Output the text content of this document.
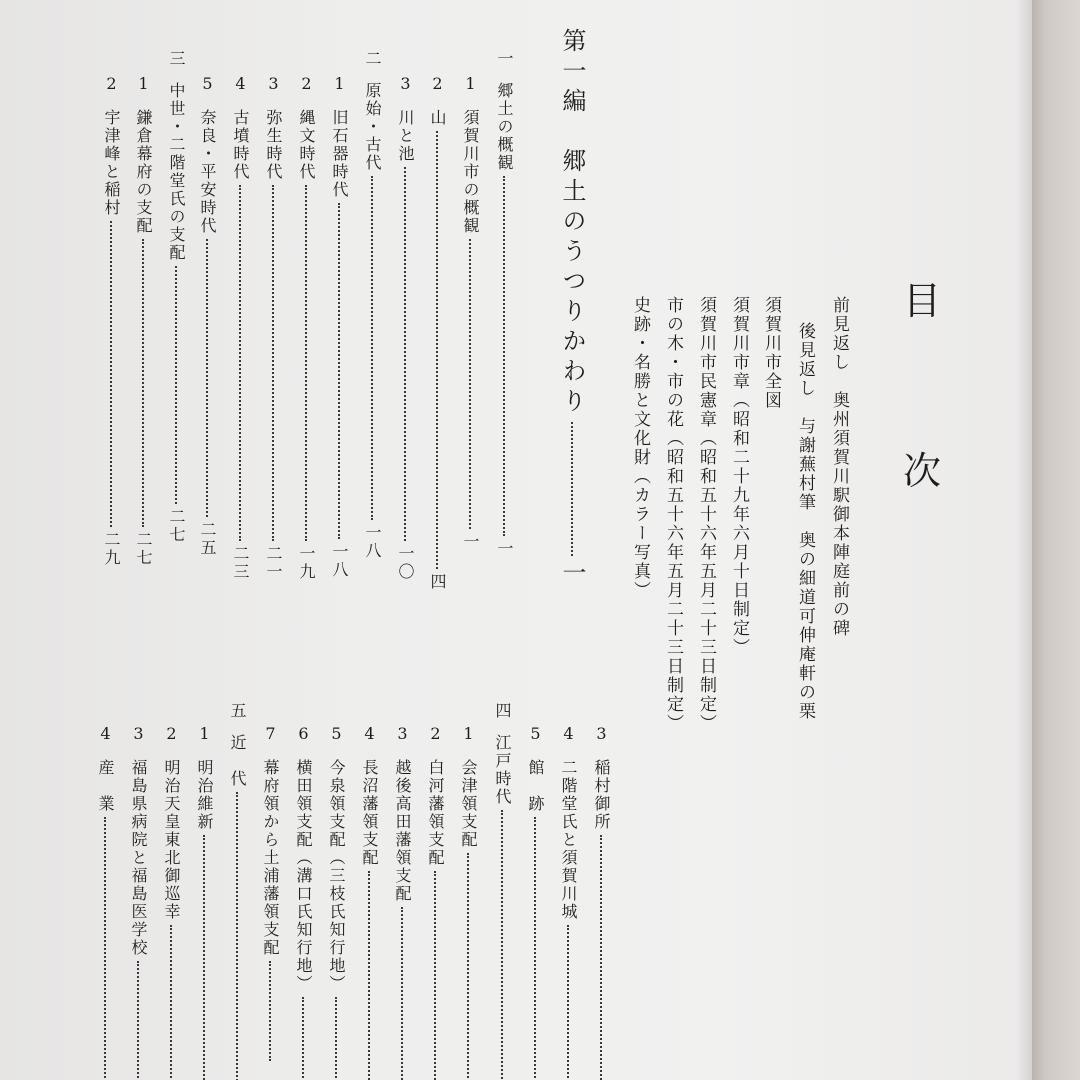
目
次
前見返し　奥州須賀川駅御本陣庭前の碑
後見返し　与謝蕪村筆　奥の細道可伸庵軒の栗
須賀川市全図
須賀川市章（昭和二十九年六月十日制定）
須賀川市民憲章（昭和五十六年五月二十三日制定）
市の木・市の花（昭和五十六年五月二十三日制定）
史跡・名勝と文化財（カラー写真）
第一編　郷土のうつりかわり一
一郷土の概観一
1須賀川市の概観一
2山四
3川と池一〇
二原始・古代一八
1旧石器時代一八
2縄文時代一九
3弥生時代二一
4古墳時代二三
5奈良・平安時代二五
三中世・二階堂氏の支配二七
1鎌倉幕府の支配二七
2宇津峰と稲村二九
3稲村御所
4二階堂氏と須賀川城
5館　跡
四江戸時代
1会津領支配
2白河藩領支配
3越後高田藩領支配
4長沼藩領支配
5今泉領支配（三枝氏知行地）
6横田領支配（溝口氏知行地）
7幕府領から土浦藩領支配
五近　代
1明治維新
2明治天皇東北御巡幸
3福島県病院と福島医学校
4産　業
